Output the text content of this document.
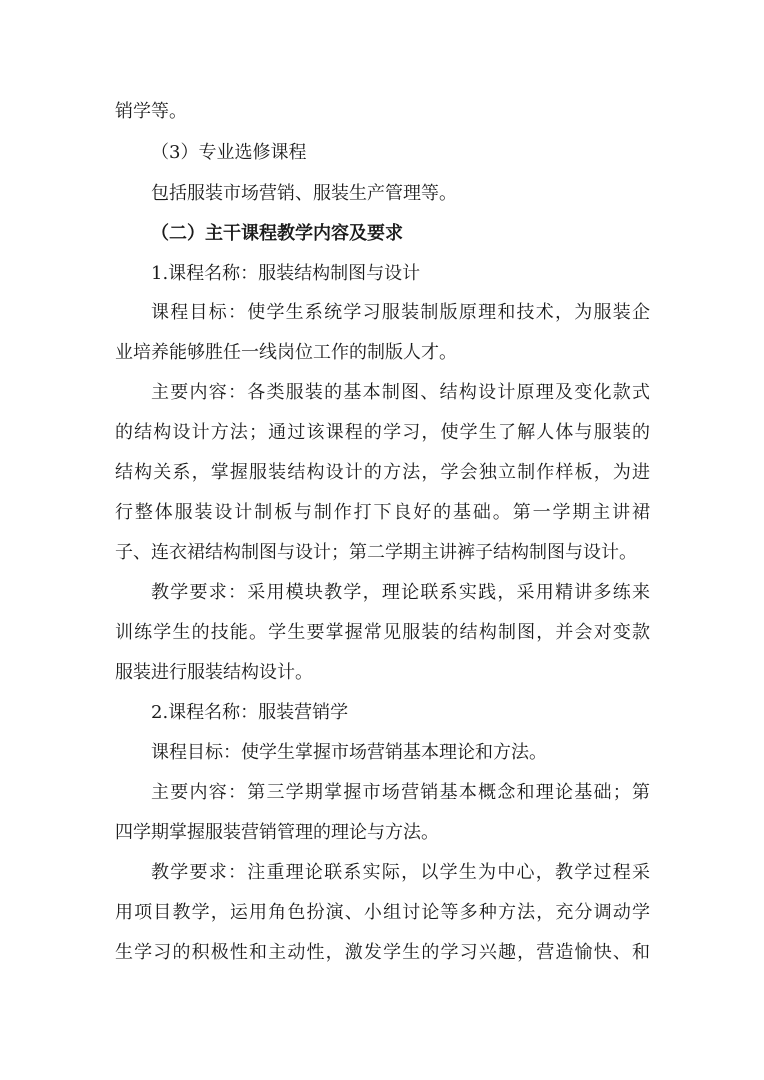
销学等。
（3）专业选修课程
包括服装市场营销、服装生产管理等。
（二）主干课程教学内容及要求
1.课程名称：服装结构制图与设计
课程目标：使学生系统学习服装制版原理和技术，为服装企
业培养能够胜任一线岗位工作的制版人才。
主要内容：各类服装的基本制图、结构设计原理及变化款式
的结构设计方法；通过该课程的学习，使学生了解人体与服装的
结构关系，掌握服装结构设计的方法，学会独立制作样板，为进
行整体服装设计制板与制作打下良好的基础。第一学期主讲裙
子、连衣裙结构制图与设计；第二学期主讲裤子结构制图与设计。
教学要求：采用模块教学，理论联系实践，采用精讲多练来
训练学生的技能。学生要掌握常见服装的结构制图，并会对变款
服装进行服装结构设计。
2.课程名称：服装营销学
课程目标：使学生掌握市场营销基本理论和方法。
主要内容：第三学期掌握市场营销基本概念和理论基础；第
四学期掌握服装营销管理的理论与方法。
教学要求：注重理论联系实际，以学生为中心，教学过程采
用项目教学，运用角色扮演、小组讨论等多种方法，充分调动学
生学习的积极性和主动性，激发学生的学习兴趣，营造愉快、和
